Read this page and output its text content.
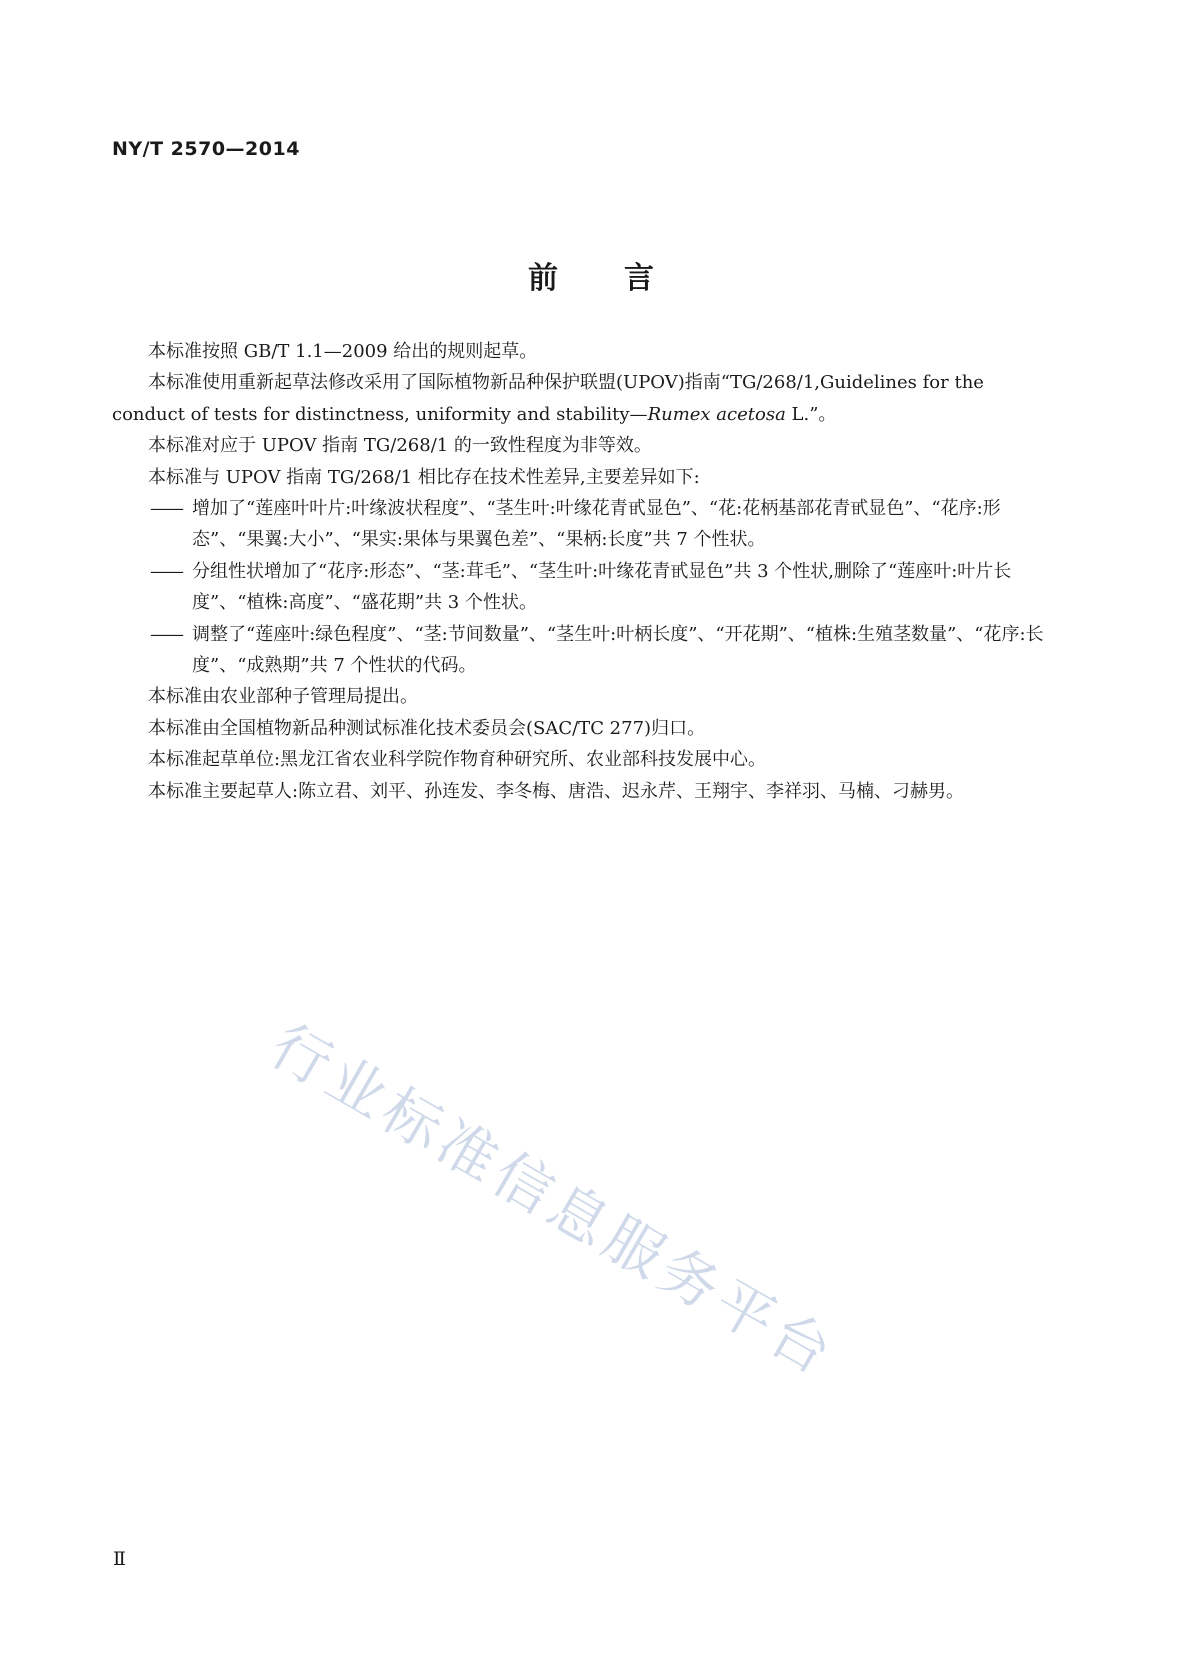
NY/T 2570—2014
前 言

本标准按照 GB/T 1.1—2009 给出的规则起草。

本标准使用重新起草法修改采用了国际植物新品种保护联盟(UPOV)指南“TG/268/1,Guidelines for the conduct of tests for distinctness, uniformity and stability—Rumex acetosa L.”。

本标准对应于 UPOV 指南 TG/268/1 的一致性程度为非等效。

本标准与 UPOV 指南 TG/268/1 相比存在技术性差异,主要差异如下:

—— 增加了“莲座叶叶片:叶缘波状程度”、“茎生叶:叶缘花青甙显色”、“花:花柄基部花青甙显色”、“花序:形态”、“果翼:大小”、“果实:果体与果翼色差”、“果柄:长度”共 7 个性状。

—— 分组性状增加了“花序:形态”、“茎:茸毛”、“茎生叶:叶缘花青甙显色”共 3 个性状,删除了“莲座叶:叶片长度”、“植株:高度”、“盛花期”共 3 个性状。

—— 调整了“莲座叶:绿色程度”、“茎:节间数量”、“茎生叶:叶柄长度”、“开花期”、“植株:生殖茎数量”、“花序:长度”、“成熟期”共 7 个性状的代码。

本标准由农业部种子管理局提出。

本标准由全国植物新品种测试标准化技术委员会(SAC/TC 277)归口。

本标准起草单位:黑龙江省农业科学院作物育种研究所、农业部科技发展中心。

本标准主要起草人:陈立君、刘平、孙连发、李冬梅、唐浩、迟永芹、王翔宇、李祥羽、马楠、刁赫男。

行业标准信息服务平台
Ⅱ
